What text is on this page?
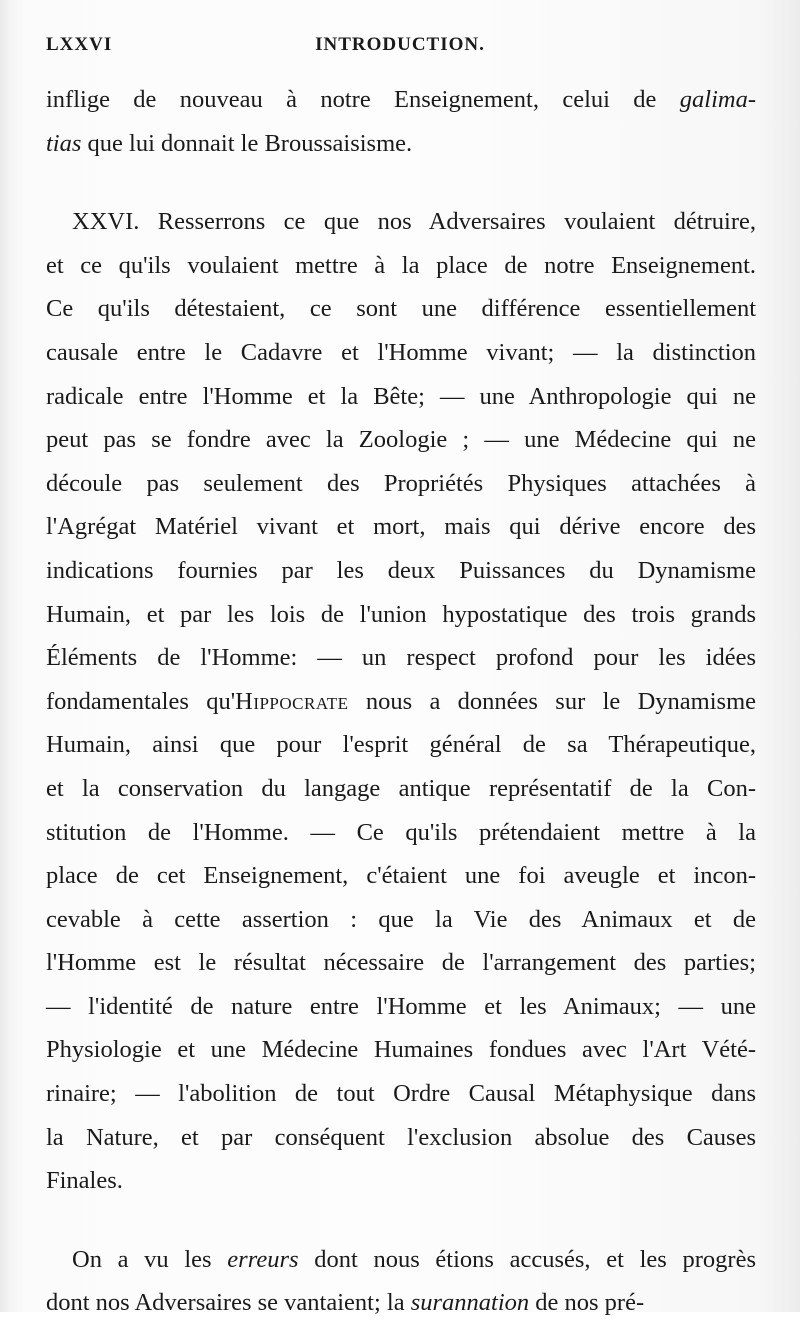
LXXVI	INTRODUCTION.
inflige de nouveau à notre Enseignement, celui de galima-
tias que lui donnait le Broussaisisme.
XXVI. Resserrons ce que nos Adversaires voulaient détruire,
et ce qu'ils voulaient mettre à la place de notre Enseignement.
Ce qu'ils détestaient, ce sont une différence essentiellement
causale entre le Cadavre et l'Homme vivant; — la distinction
radicale entre l'Homme et la Bête; — une Anthropologie qui ne
peut pas se fondre avec la Zoologie ; — une Médecine qui ne
découle pas seulement des Propriétés Physiques attachées à
l'Agrégat Matériel vivant et mort, mais qui dérive encore des
indications fournies par les deux Puissances du Dynamisme
Humain, et par les lois de l'union hypostatique des trois grands
Éléments de l'Homme: — un respect profond pour les idées
fondamentales qu'Hippocrate nous a données sur le Dynamisme
Humain, ainsi que pour l'esprit général de sa Thérapeutique,
et la conservation du langage antique représentatif de la Con-
stitution de l'Homme. — Ce qu'ils prétendaient mettre à la
place de cet Enseignement, c'étaient une foi aveugle et incon-
cevable à cette assertion : que la Vie des Animaux et de
l'Homme est le résultat nécessaire de l'arrangement des parties;
— l'identité de nature entre l'Homme et les Animaux; — une
Physiologie et une Médecine Humaines fondues avec l'Art Vété-
rinaire; — l'abolition de tout Ordre Causal Métaphysique dans
la Nature, et par conséquent l'exclusion absolue des Causes
Finales.
On a vu les erreurs dont nous étions accusés, et les progrès
dont nos Adversaires se vantaient; la surannation de nos pré-
